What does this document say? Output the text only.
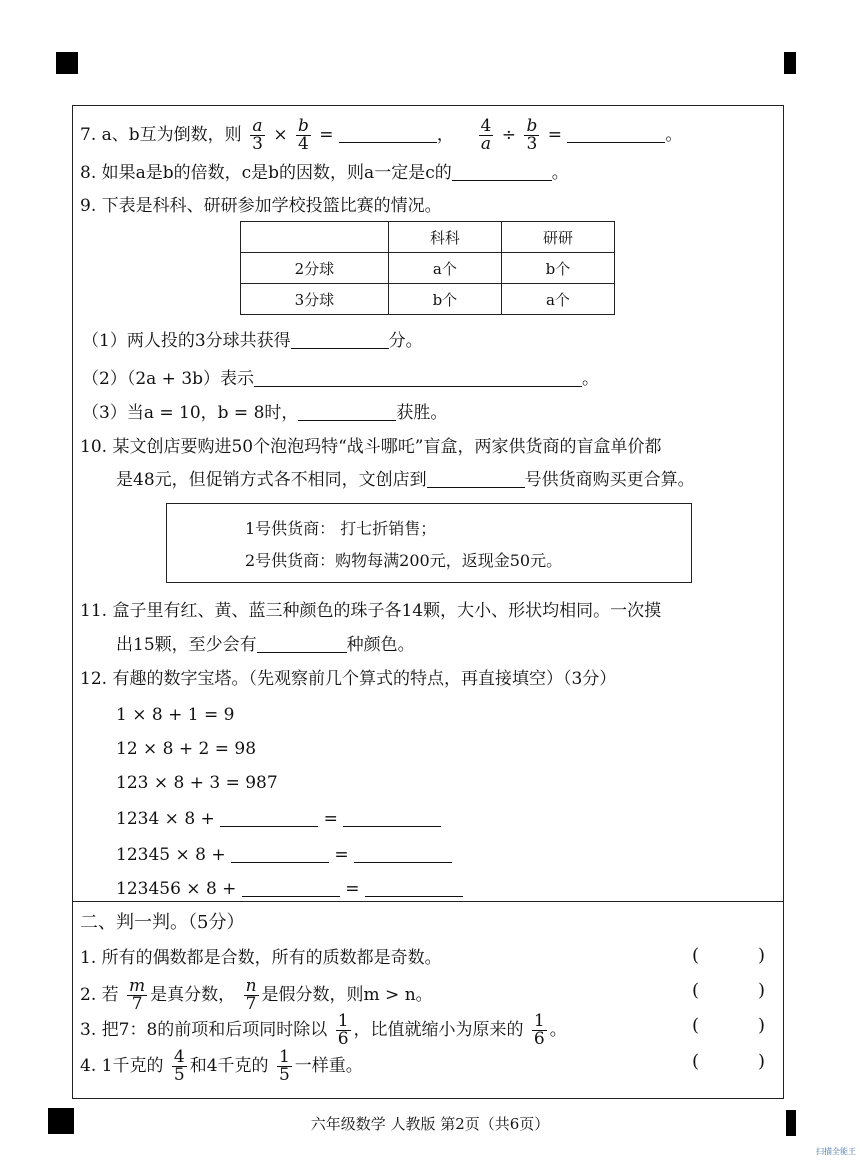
7. a、b互为倒数，则 $\frac{a}{3} \times \frac{b}{4}$ =	， $\frac{4}{a} \div \frac{b}{3}$ =	。
8. 如果a是b的倍数，c是b的因数，则a一定是c的	。
9. 下表是科科、研研参加学校投篮比赛的情况。
	科科	研研
2分球	a个	b个
3分球	b个	a个
（1）两人投的3分球共获得	分。
（2）（2a + 3b）表示	。
（3）当a = 10，b = 8时，	获胜。
10. 某文创店要购进50个泡泡玛特“战斗哪吒”盲盒，两家供货商的盲盒单价都
是48元，但促销方式各不相同，文创店到	号供货商购买更合算。
1号供货商： 打七折销售；
2号供货商：购物每满200元，返现金50元。
11. 盒子里有红、黄、蓝三种颜色的珠子各14颗，大小、形状均相同。一次摸
出15颗，至少会有	种颜色。
12. 有趣的数字宝塔。（先观察前几个算式的特点，再直接填空）（3分）
1 × 8 + 1 = 9
12 × 8 + 2 = 98
123 × 8 + 3 = 987
1234 × 8 +	=
12345 × 8 +	=
123456 × 8 +	=
二、判一判。（5分）
1. 所有的偶数都是合数，所有的质数都是奇数。
2. 若 $\frac{m}{7}$ 是真分数， $\frac{n}{7}$ 是假分数，则m > n。
3. 把7：8的前项和后项同时除以 $\frac{1}{6}$ ，比值就缩小为原来的 $\frac{1}{6}$ 。
4. 1千克的 $\frac{4}{5}$ 和4千克的 $\frac{1}{5}$ 一样重。
(	)
(	)
(	)
(	)
六年级数学 人教版 第2页（共6页）
扫描全能王
